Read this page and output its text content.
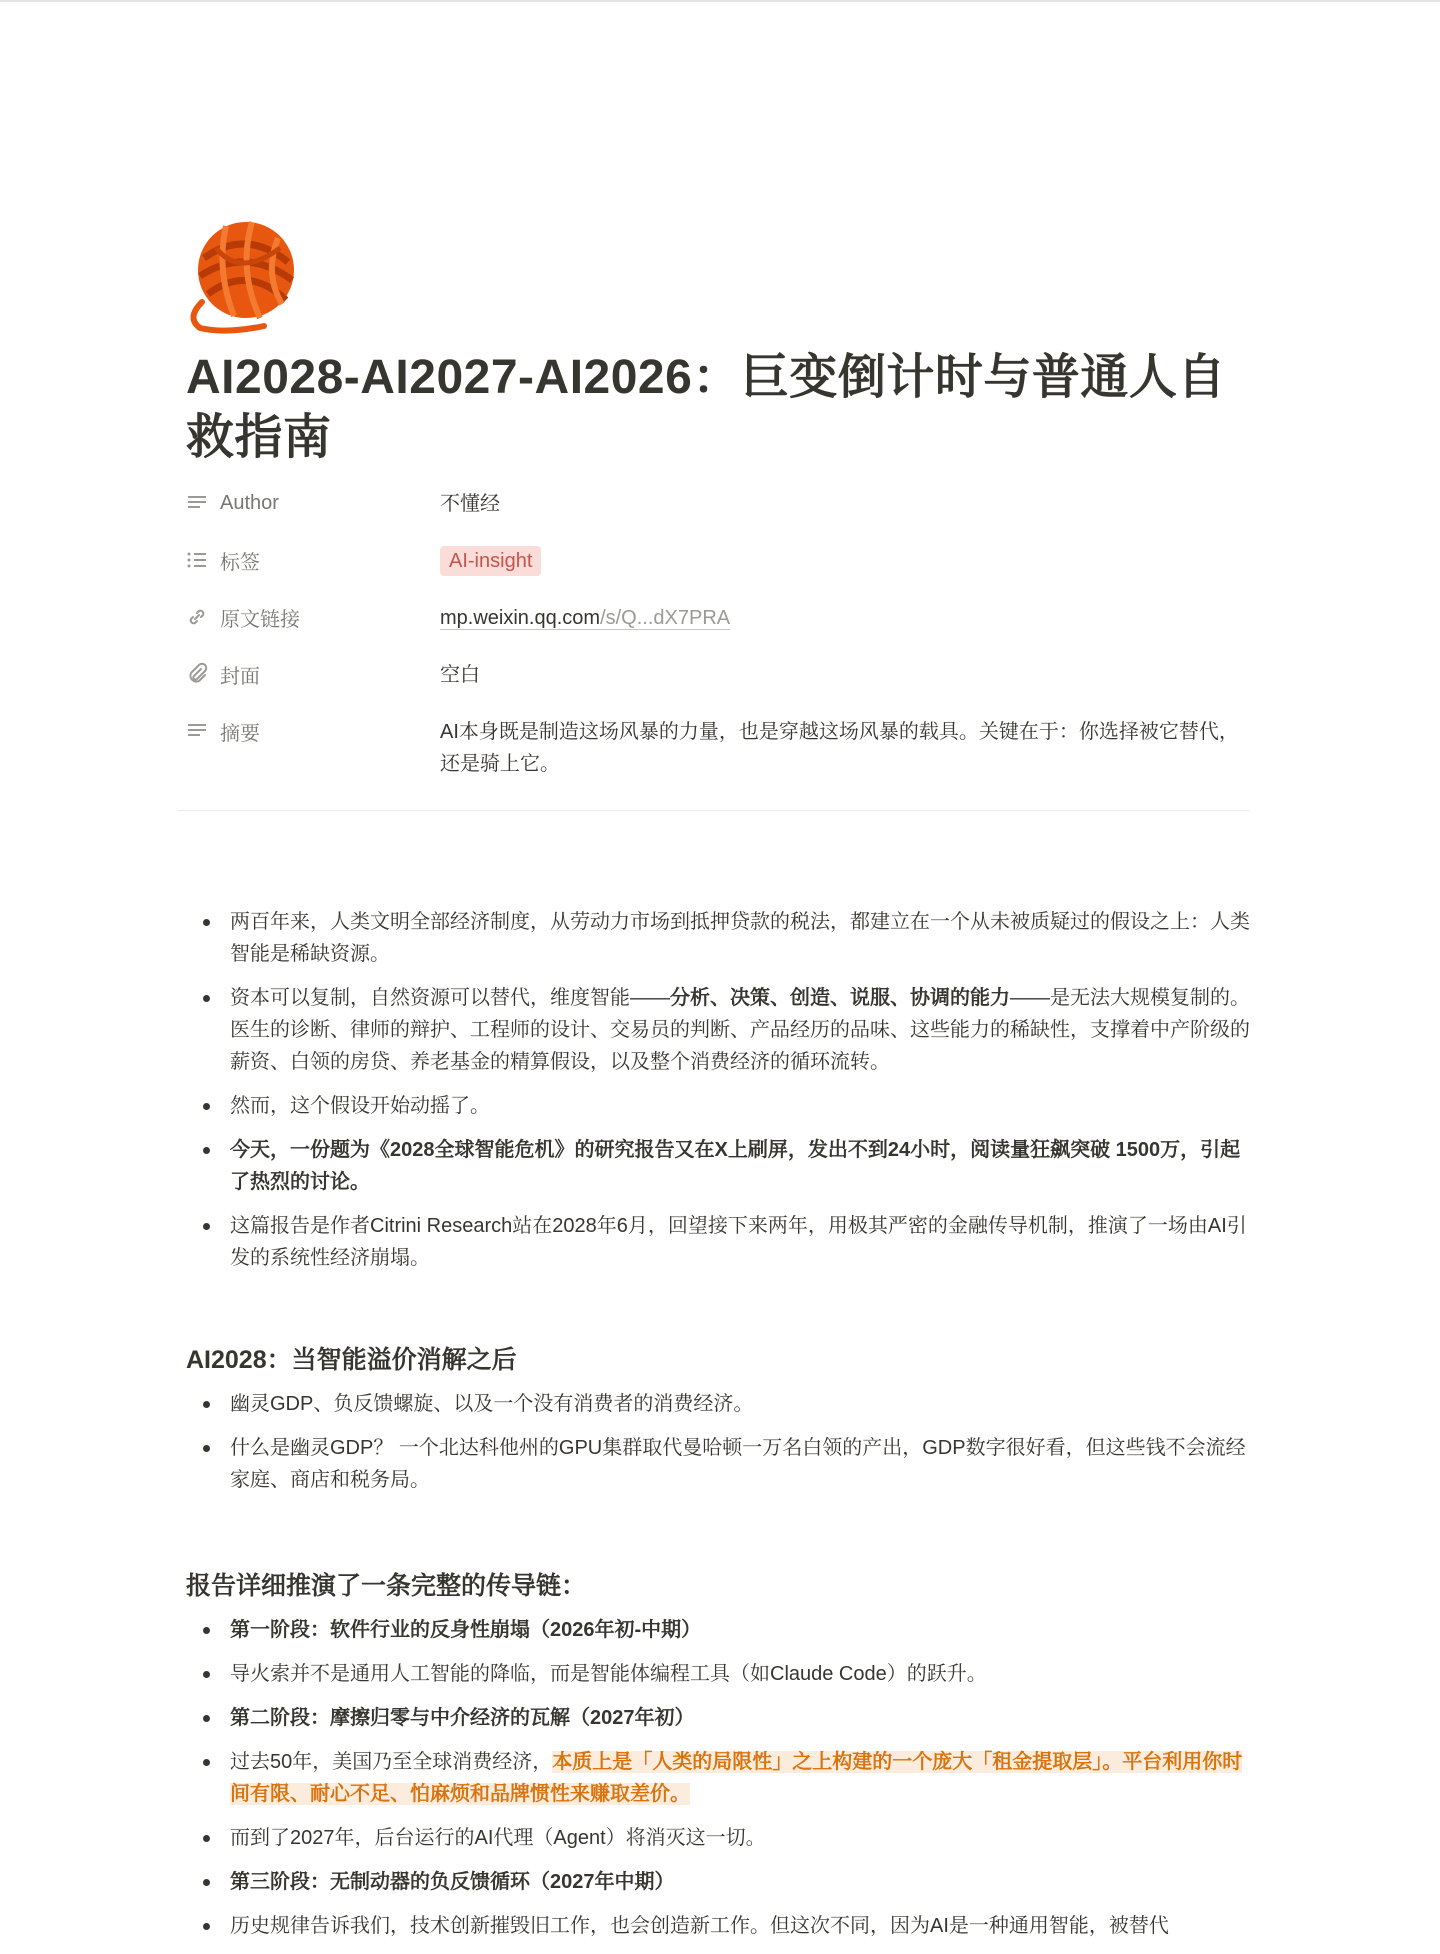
AI2028-AI2027-AI2026：巨变倒计时与普通人自救指南
Author	不懂经
标签	AI-insight
原文链接	mp.weixin.qq.com/s/Q...dX7PRA
封面	空白
摘要	AI本身既是制造这场风暴的力量，也是穿越这场风暴的载具。关键在于：你选择被它替代，还是骑上它。
两百年来，人类文明全部经济制度，从劳动力市场到抵押贷款的税法，都建立在一个从未被质疑过的假设之上：人类智能是稀缺资源。
资本可以复制，自然资源可以替代，维度智能——分析、决策、创造、说服、协调的能力——是无法大规模复制的。医生的诊断、律师的辩护、工程师的设计、交易员的判断、产品经历的品味、这些能力的稀缺性，支撑着中产阶级的薪资、白领的房贷、养老基金的精算假设，以及整个消费经济的循环流转。
然而，这个假设开始动摇了。
今天，一份题为《2028全球智能危机》的研究报告又在X上刷屏，发出不到24小时，阅读量狂飙突破 1500万，引起了热烈的讨论。
这篇报告是作者Citrini Research站在2028年6月，回望接下来两年，用极其严密的金融传导机制，推演了一场由AI引发的系统性经济崩塌。
AI2028：当智能溢价消解之后
幽灵GDP、负反馈螺旋、以及一个没有消费者的消费经济。
什么是幽灵GDP？ 一个北达科他州的GPU集群取代曼哈顿一万名白领的产出，GDP数字很好看，但这些钱不会流经家庭、商店和税务局。
报告详细推演了一条完整的传导链：
第一阶段：软件行业的反身性崩塌（2026年初-中期）
导火索并不是通用人工智能的降临，而是智能体编程工具（如Claude Code）的跃升。
第二阶段：摩擦归零与中介经济的瓦解（2027年初）
过去50年，美国乃至全球消费经济，本质上是「人类的局限性」之上构建的一个庞大「租金提取层」。平台利用你时间有限、耐心不足、怕麻烦和品牌惯性来赚取差价。
而到了2027年，后台运行的AI代理（Agent）将消灭这一切。
第三阶段：无制动器的负反馈循环（2027年中期）
历史规律告诉我们，技术创新摧毁旧工作，也会创造新工作。但这次不同，因为AI是一种通用智能，被替代
